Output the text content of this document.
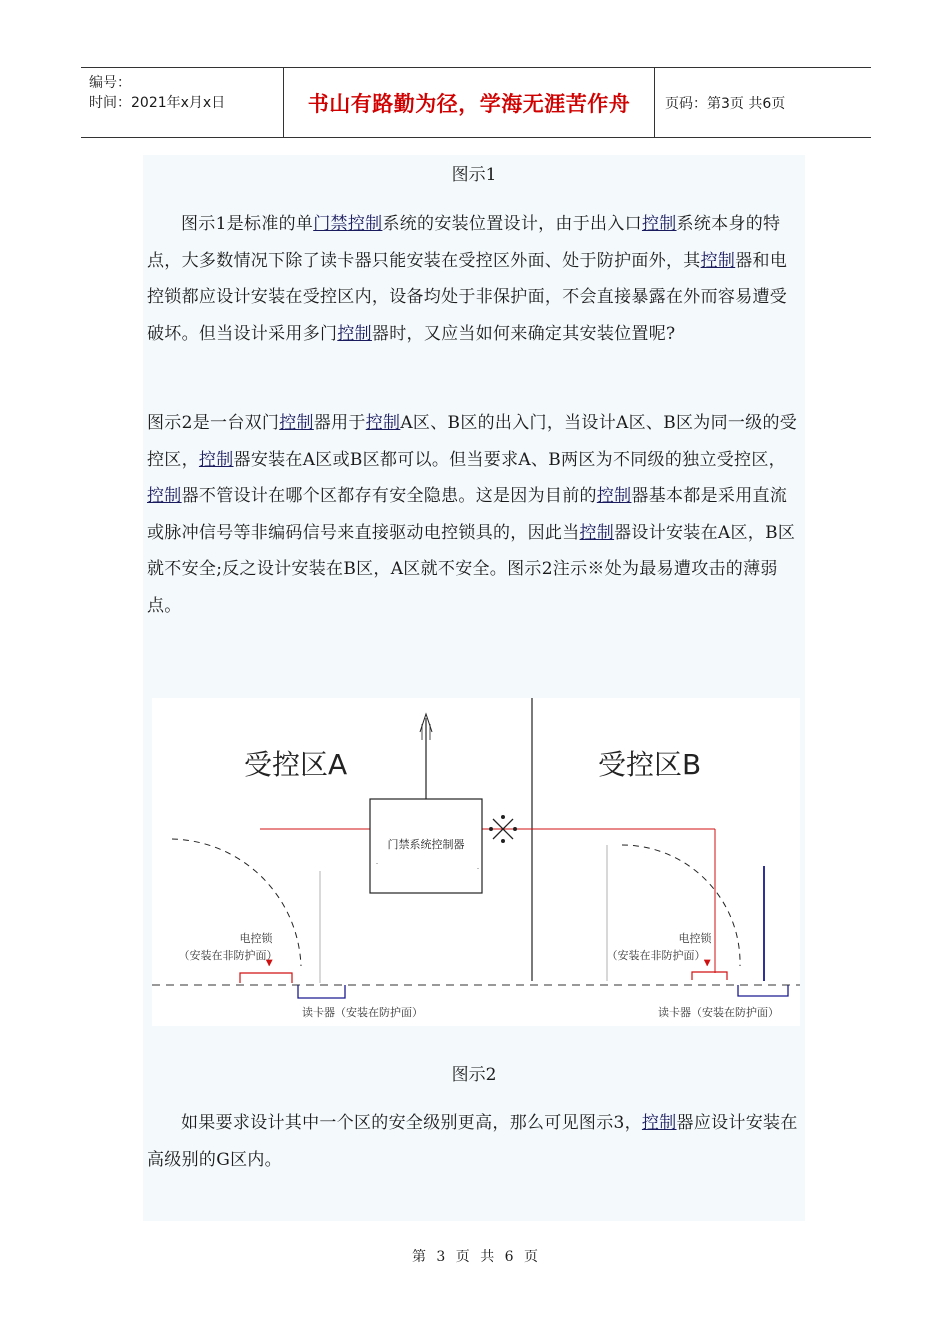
编号：
时间：2021年x月x日	书山有路勤为径，学海无涯苦作舟	页码：第3页 共6页
图示1

图示1是标准的单门禁控制系统的安装位置设计，由于出入口控制系统本身的特点，大多数情况下除了读卡器只能安装在受控区外面、处于防护面外，其控制器和电控锁都应设计安装在受控区内，设备均处于非保护面，不会直接暴露在外而容易遭受破坏。但当设计采用多门控制器时，又应当如何来确定其安装位置呢?

图示2是一台双门控制器用于控制A区、B区的出入门，当设计A区、B区为同一级的受控区，控制器安装在A区或B区都可以。但当要求A、B两区为不同级的独立受控区，控制器不管设计在哪个区都存有安全隐患。这是因为目前的控制器基本都是采用直流或脉冲信号等非编码信号来直接驱动电控锁具的，因此当控制器设计安装在A区，B区就不安全;反之设计安装在B区，A区就不安全。图示2注示※处为最易遭攻击的薄弱点。

图示2

如果要求设计其中一个区的安全级别更高，那么可见图示3，控制器应设计安装在高级别的G区内。

受控区A	受控区B
门禁系统控制器
-
-
电控锁
（安装在非防护面）
读卡器（安装在防护面）
电控锁
（安装在非防护面）
读卡器（安装在防护面）
第 3 页 共 6 页
